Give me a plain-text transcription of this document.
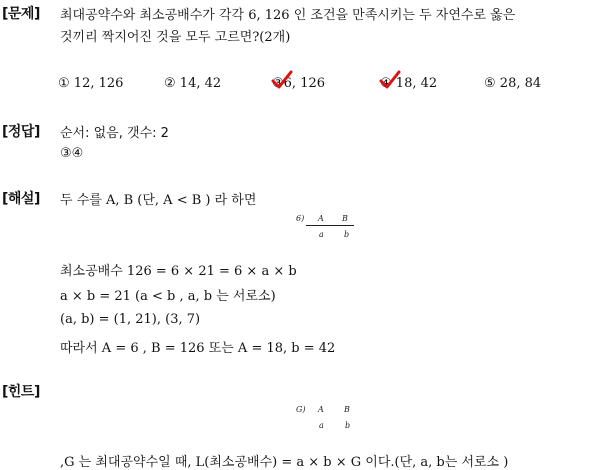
[문제] 최대공약수와 최소공배수가 각각 6, 126 인 조건을 만족시키는 두 자연수로 옳은
것끼리 짝지어진 것을 모두 고르면?(2개)
① 12, 126	② 14, 42	③6, 126	④ 18, 42	⑤ 28, 84
[정답] 순서: 없음, 갯수: 2
③④
[해설] 두 수를 A, B (단, A < B ) 라 하면
6) A B
a	b
최소공배수 126 = 6 × 21 = 6 × a × b
a × b = 21 (a < b , a, b 는 서로소)
(a, b) = (1, 21), (3, 7)
따라서 A = 6 , B = 126 또는 A = 18, b = 42
[힌트]
G) A	B
a	b
,G 는 최대공약수일 때, L(최소공배수) = a × b × G 이다.(단, a, b는 서로소 )
